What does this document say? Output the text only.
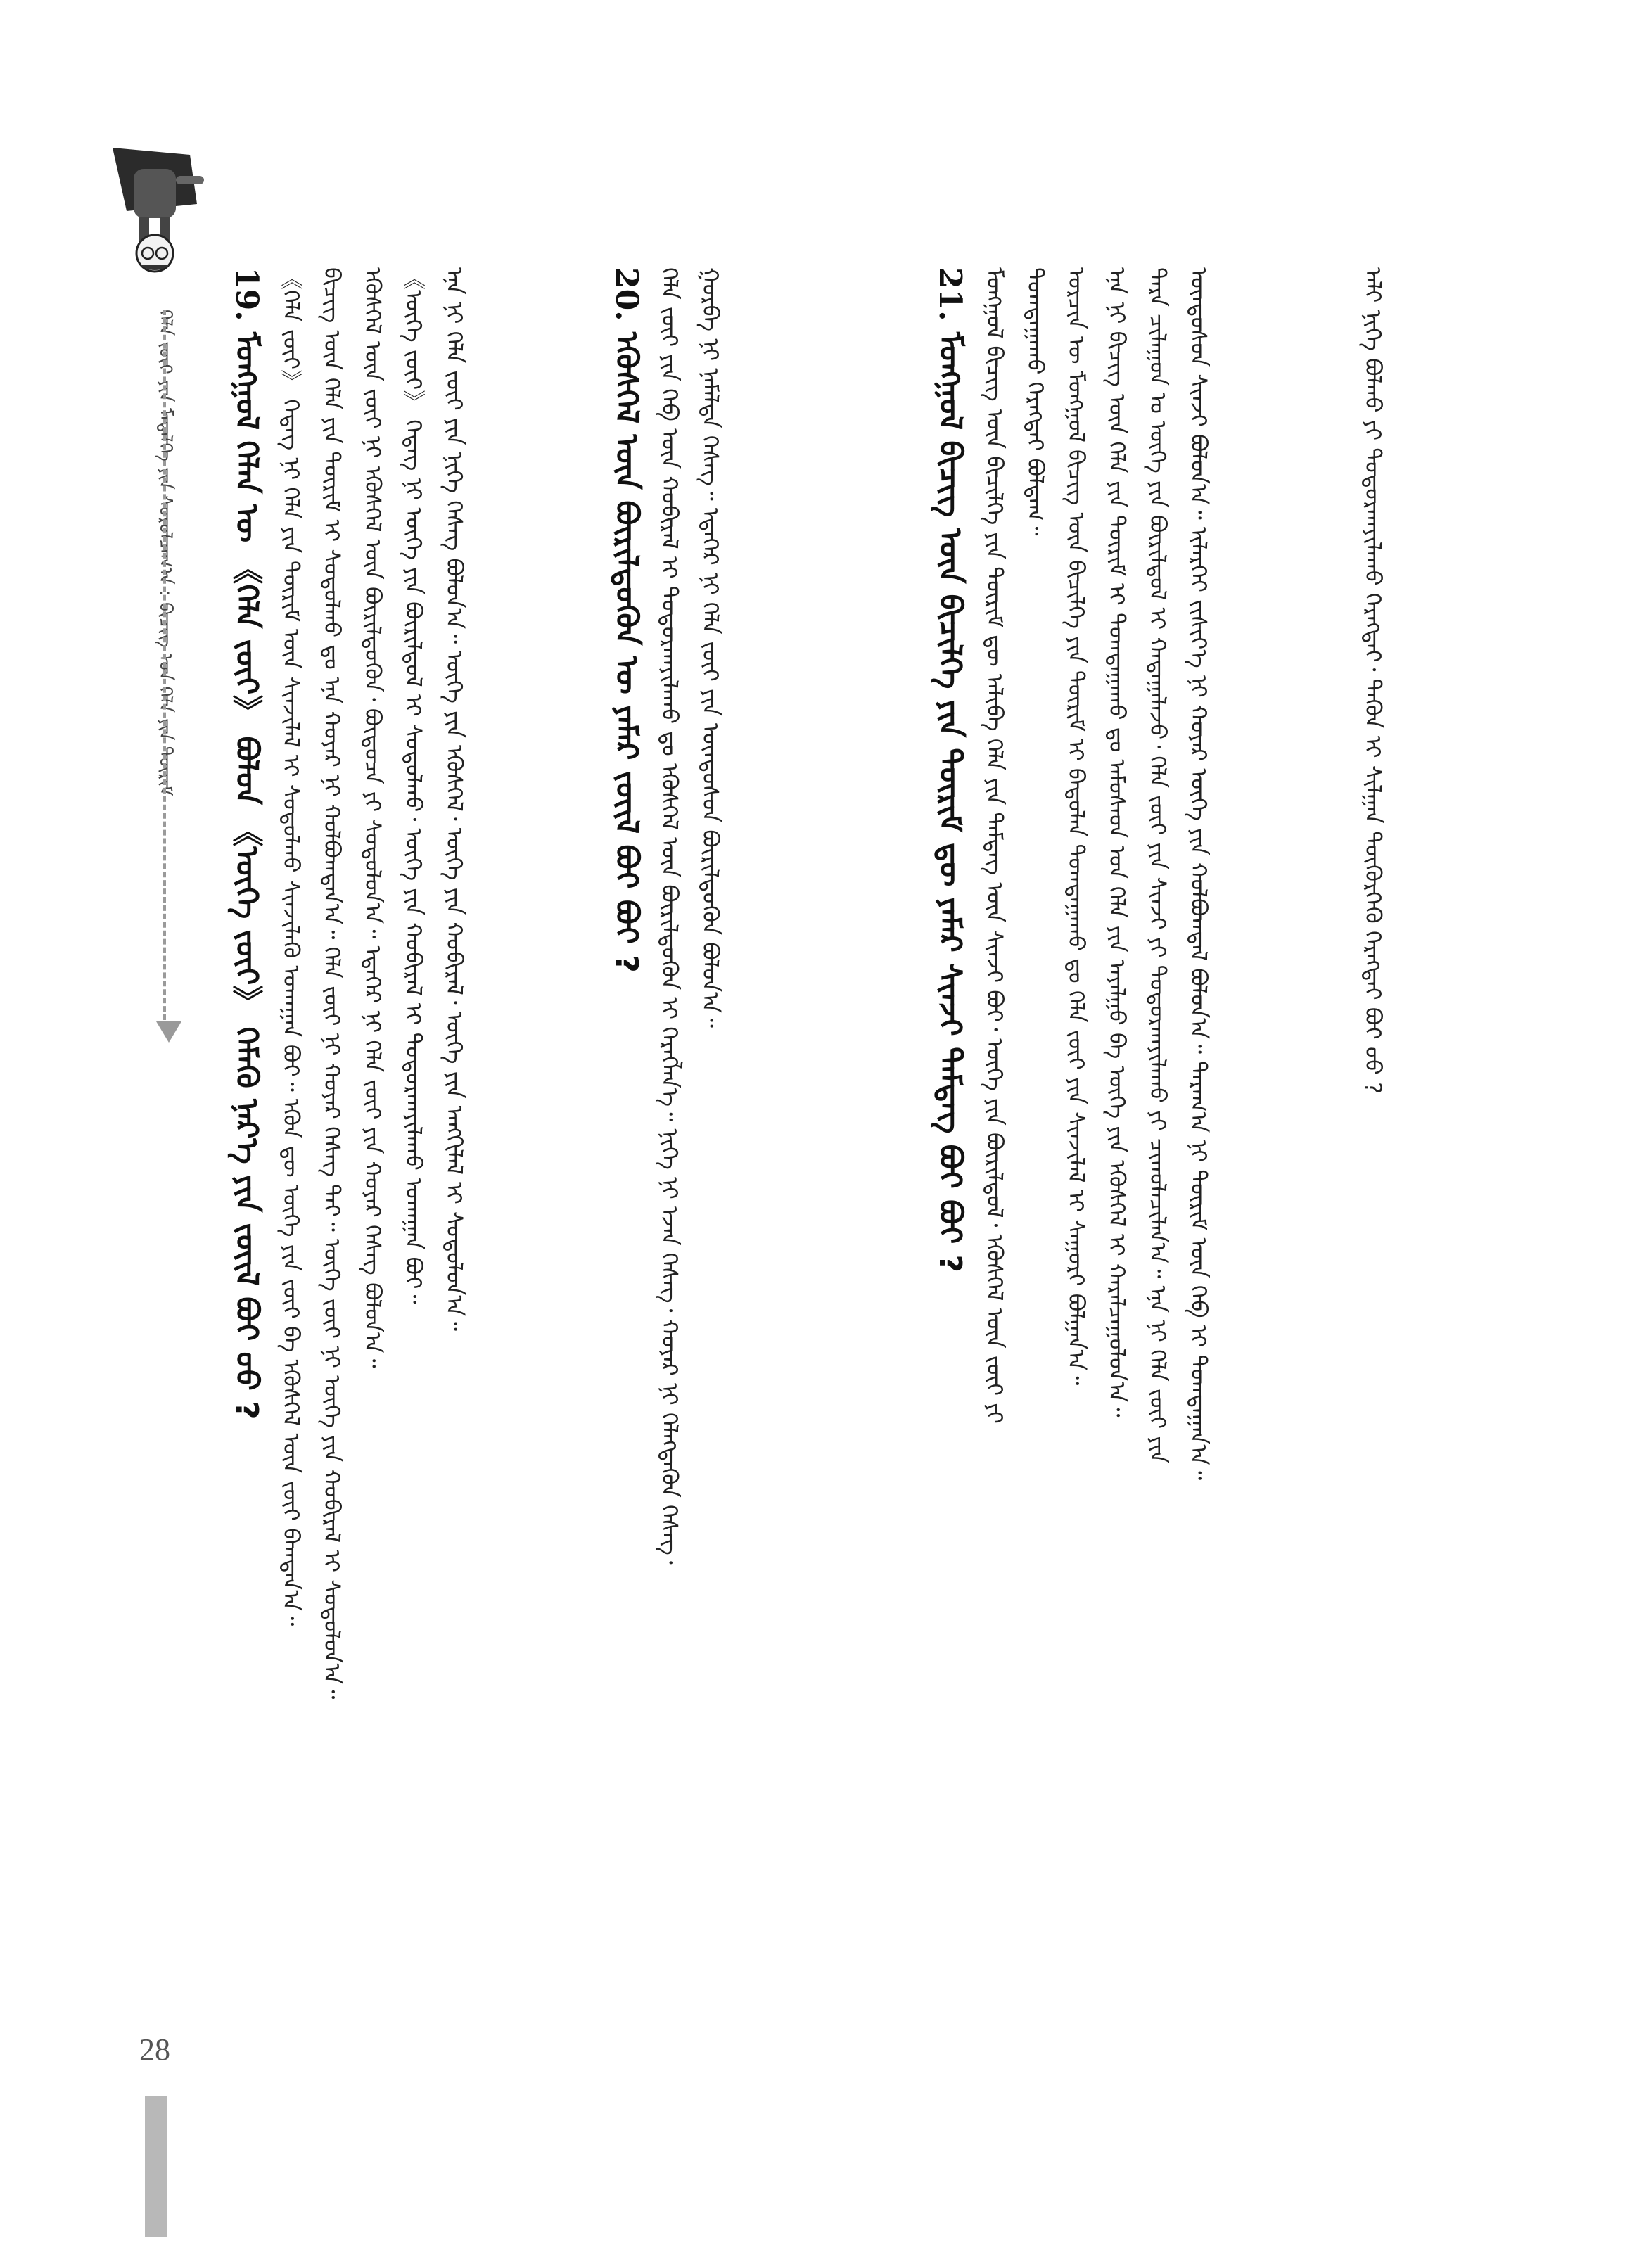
ᠬᠡᠯᠡ ᠵᠦᠢ ᠶᠢᠨ ᠮᠡᠳᠡᠯᠭᠡ ᠶᠢᠨ ᠰᠤᠷᠤᠯᠴᠠᠭ᠎ᠠ : ᠪᠢᠴᠢᠭ᠌ ᠤᠨ ᠬᠡᠯᠡ ᠶᠢᠨ ᠳᠦᠷᠢᠮ
28
19. ᠮᠣᠩᠭᠣᠯ ᠬᠡᠯᠡᠨ ᠦ 《ᠬᠡᠯᠡ ᠵᠦᠢ》 ᠪᠣᠯᠤᠨ 《ᠦᠭᠡ ᠵᠦᠢ》 ᠬᠡᠮᠡᠬᠦ ᠨᠡᠷ᠎ᠡ ᠶᠢᠨ ᠵᠦᠢᠯ ᠪᠤᠢ ᠦᠦ ? 《ᠬᠡᠯᠡ ᠵᠦᠢ》 ᠭᠡᠳᠡᠭ ᠨᠢ ᠬᠡᠯᠡ ᠶᠢᠨ ᠳᠦᠷᠢᠮ ᠦᠨ ᠰᠢᠨᠵᠢᠯᠡᠯ ᠢ ᠰᠤᠳᠤᠯᠬᠤ ᠰᠢᠨᠵᠢᠯᠡᠬᠦ ᠤᠬᠠᠭᠠᠨ ᠪᠤᠢ᠃ ᠡᠭᠦᠨ ᠳᠦ ᠦᠭᠡ ᠶᠢᠨ ᠵᠦᠢ ᠪᠠ ᠡᠭᠦᠰᠬᠡᠯ ᠦᠨ ᠵᠦᠢ ᠪᠠᠭᠳᠠᠨ᠎ᠠ᠃ ᠪᠢᠴᠢᠭ᠌ ᠦᠨ ᠬᠡᠯᠡ ᠶᠢᠨ ᠳᠦᠷᠢᠮ ᠢ ᠰᠤᠳᠤᠯᠬᠤ ᠳᠤ ᠡᠨᠡ ᠬᠣᠶᠠᠷ ᠨᠢ ᠬᠣᠯᠪᠣᠭᠳᠠᠨ᠎ᠠ᠃ ᠬᠡᠯᠡ ᠵᠦᠢ ᠨᠢ ᠬᠣᠶᠠᠷ ᠬᠡᠰᠡᠭ ᠲᠡᠢ᠃ ᠦᠭᠡ ᠵᠦᠢ ᠨᠢ ᠦᠭᠡ ᠶᠢᠨ ᠬᠤᠪᠢᠷᠠᠯ ᠢ ᠰᠤᠳᠤᠯᠤᠨ᠎ᠠ᠃ ᠡᠭᠦᠰᠬᠡᠯ ᠦᠨ ᠵᠦᠢ ᠨᠢ ᠡᠭᠦᠰᠬᠡᠯ ᠦᠨ ᠪᠦᠷᠢᠯᠳᠦᠭᠦᠨ᠂ ᠪᠦᠲᠦᠴᠡ ᠶᠢ ᠰᠤᠳᠤᠯᠤᠨ᠎ᠠ᠃ ᠡᠳᠡᠭᠡᠷ ᠨᠢ ᠬᠡᠯᠡ ᠵᠦᠢ ᠶᠢᠨ ᠬᠣᠶᠠᠷ ᠬᠡᠰᠡᠭ ᠪᠣᠯᠤᠨ᠎ᠠ᠃ 《ᠦᠭᠡ ᠵᠦᠢ》 ᠭᠡᠳᠡᠭ ᠨᠢ ᠦᠭᠡ ᠶᠢᠨ ᠪᠦᠷᠢᠯᠳᠦᠯ ᠢ ᠰᠤᠳᠤᠯᠬᠤ᠂ ᠦᠭᠡ ᠶᠢᠨ ᠬᠤᠪᠢᠷᠠᠯ ᠢ ᠲᠣᠳᠣᠷᠬᠠᠶᠢᠯᠠᠬᠤ ᠤᠬᠠᠭᠠᠨ ᠪᠤᠢ᠃ ᠡᠨᠡ ᠨᠢ ᠬᠡᠯᠡ ᠵᠦᠢ ᠶᠢᠨ ᠨᠢᠭᠡ ᠬᠡᠰᠡᠭ ᠪᠣᠯᠤᠨ᠎ᠠ᠃ ᠦᠭᠡ ᠶᠢᠨ ᠡᠭᠦᠰᠬᠡᠯ᠂ ᠦᠭᠡ ᠶᠢᠨ ᠬᠤᠪᠢᠷᠠᠯ᠂ ᠦᠭᠡ ᠶᠢᠨ ᠠᠩᠭᠢᠯᠠᠯ ᠢ ᠰᠤᠳᠤᠯᠤᠨ᠎ᠠ᠃	20. ᠡᠭᠦᠰᠬᠡᠯ ᠦᠨ ᠪᠦᠷᠢᠯᠳᠦᠭᠦᠨ ᠦ ᠶᠠᠮᠠᠷ ᠵᠦᠢᠯ ᠪᠤᠢ ᠪᠤᠢ ? ᠬᠡᠯᠡ ᠵᠦᠢ ᠶᠢᠨ ᠬᠡᠪ ᠦᠨ ᠬᠤᠪᠢᠷᠠᠯ ᠢ ᠲᠣᠳᠣᠷᠬᠠᠶᠢᠯᠠᠬᠤ ᠳᠤ ᠡᠭᠦᠰᠬᠡᠯ ᠦᠨ ᠪᠦᠷᠢᠯᠳᠦᠭᠦᠨ ᠢ ᠬᠡᠷᠡᠭᠯᠡᠨ᠎ᠡ᠃ ᠨᠢᠭᠡ ᠨᠢ ᠡᠵᠡᠨ ᠬᠡᠰᠡᠭ᠂ ᠬᠣᠶᠠᠷ ᠨᠢ ᠬᠡᠯᠡᠭᠳᠡᠬᠦᠨ ᠬᠡᠰᠡᠭ᠂ ᠭᠤᠷᠪᠠ ᠨᠢ ᠨᠡᠮᠡᠯᠲᠡ ᠬᠡᠰᠡᠭ᠃ ᠡᠳᠡᠭᠡᠷ ᠨᠢ ᠬᠡᠯᠡ ᠵᠦᠢ ᠶᠢᠨ ᠦᠨᠳᠦᠰᠦᠨ ᠪᠦᠷᠢᠯᠳᠦᠭᠦᠨ ᠪᠣᠯᠤᠨ᠎ᠠ᠃	21. ᠮᠣᠩᠭᠣᠯ ᠪᠢᠴᠢᠭ᠌ ᠦᠨ ᠪᠢᠴᠢᠯᠭᠡ ᠶᠢᠨ ᠳᠦᠷᠢᠮ ᠳᠦ ᠶᠠᠮᠠᠷ ᠰᠢᠨᠵᠢ ᠲᠡᠮᠳᠡᠭ ᠪᠤᠢ ᠪᠤᠢ ? ᠮᠣᠩᠭᠣᠯ ᠪᠢᠴᠢᠭ᠌ ᠦᠨ ᠪᠢᠴᠢᠯᠭᠡ ᠶᠢᠨ ᠳᠦᠷᠢᠮ ᠳᠦ ᠠᠯᠢᠪᠠ ᠬᠡᠯᠡ ᠶᠢᠨ ᠲᠡᠮᠳᠡᠭ ᠦᠨ ᠰᠢᠨᠵᠢ ᠪᠤᠢ᠂ ᠦᠭᠡ ᠶᠢᠨ ᠪᠦᠷᠢᠯᠳᠦᠯ᠂ ᠡᠭᠦᠰᠬᠡᠯ ᠦᠨ ᠵᠦᠢ ᠶᠢ ᠲᠣᠭᠲᠠᠭᠠᠬᠤ ᠬᠡᠷᠡᠭᠲᠡᠢ ᠪᠣᠯᠳᠠᠭ᠃ ᠣᠷᠴᠢᠨ ᠦ ᠮᠣᠩᠭᠣᠯ ᠪᠢᠴᠢᠭ᠌ ᠦᠨ ᠪᠢᠴᠢᠯᠭᠡ ᠶᠢᠨ ᠳᠦᠷᠢᠮ ᠢ ᠪᠠᠳᠤᠯᠠᠨ ᠲᠣᠭᠲᠠᠭᠠᠬᠤ ᠳᠤ ᠬᠡᠯᠡ ᠵᠦᠢ ᠶᠢᠨ ᠰᠢᠨᠵᠢᠯᠡᠯ ᠢ ᠰᠠᠭᠤᠷᠢ ᠪᠣᠯᠭᠠᠨ᠎ᠠ᠃ ᠡᠨᠡ ᠨᠢ ᠪᠢᠴᠢᠭ᠌ ᠦᠨ ᠬᠡᠯᠡ ᠶᠢᠨ ᠳᠦᠷᠢᠮ ᠢ ᠲᠣᠭᠲᠠᠭᠠᠬᠤ ᠳᠤ ᠠᠮᠤᠰᠠᠳ ᠤᠨ ᠬᠡᠯᠡ ᠶᠢᠨ ᠠᠶᠠᠯᠭᠤ ᠪᠠ ᠦᠭᠡ ᠶᠢᠨ ᠡᠭᠦᠰᠬᠡᠯ ᠢ ᠬᠠᠷᠠᠯᠴᠠᠭᠤᠯᠤᠨ᠎ᠠ᠃ ᠲᠡᠷᠡ ᠴᠢᠯᠠᠭᠤᠨ ᠤ ᠦᠭᠡ ᠶᠢᠨ ᠪᠦᠷᠢᠯᠳᠦᠯ ᠢ ᠬᠠᠳᠠᠭᠠᠯᠠᠵᠤ᠂ ᠬᠡᠯᠡ ᠵᠦᠢ ᠶᠢᠨ ᠰᠢᠨᠵᠢ ᠶᠢ ᠲᠣᠳᠣᠷᠬᠠᠶᠢᠯᠠᠬᠤ ᠶᠢ ᠴᠢᠬᠤᠯᠠᠴᠢᠯᠠᠨ᠎ᠠ᠃ ᠡᠨᠡ ᠨᠢ ᠬᠡᠯᠡ ᠵᠦᠢ ᠶᠢᠨ ᠦᠨᠳᠦᠰᠦᠨ ᠰᠢᠨᠵᠢ ᠪᠣᠯᠤᠨ᠎ᠠ᠃ ᠢᠯᠡᠷᠬᠡᠢ ᠵᠢᠱᠢᠶ᠎ᠡ ᠨᠢ ᠬᠣᠶᠠᠷ ᠦᠭᠡ ᠶᠢᠨ ᠬᠣᠯᠪᠣᠭᠳᠠᠯ ᠪᠣᠯᠤᠨ᠎ᠠ᠃ ᠳᠠᠷᠠᠭ᠎ᠠ ᠨᠢ ᠳᠦᠷᠢᠮ ᠦᠨ ᠬᠡᠪ ᠢ ᠲᠣᠭᠲᠠᠭᠠᠨ᠎ᠠ᠃	ᠠᠯᠢ ᠨᠢᠭᠡ ᠪᠣᠯᠬᠤ ᠶᠢ ᠲᠣᠳᠣᠷᠬᠠᠶᠢᠯᠠᠬᠤ ᠬᠡᠷᠡᠭᠲᠡᠢ᠂ ᠲᠡᠭᠦᠨ ᠢ ᠰᠢᠯᠭᠠᠨ ᠳᠦᠭᠦᠷᠭᠡᠬᠦ ᠬᠡᠷᠡᠭᠲᠡᠢ ᠪᠤᠢ ᠦᠦ ?
